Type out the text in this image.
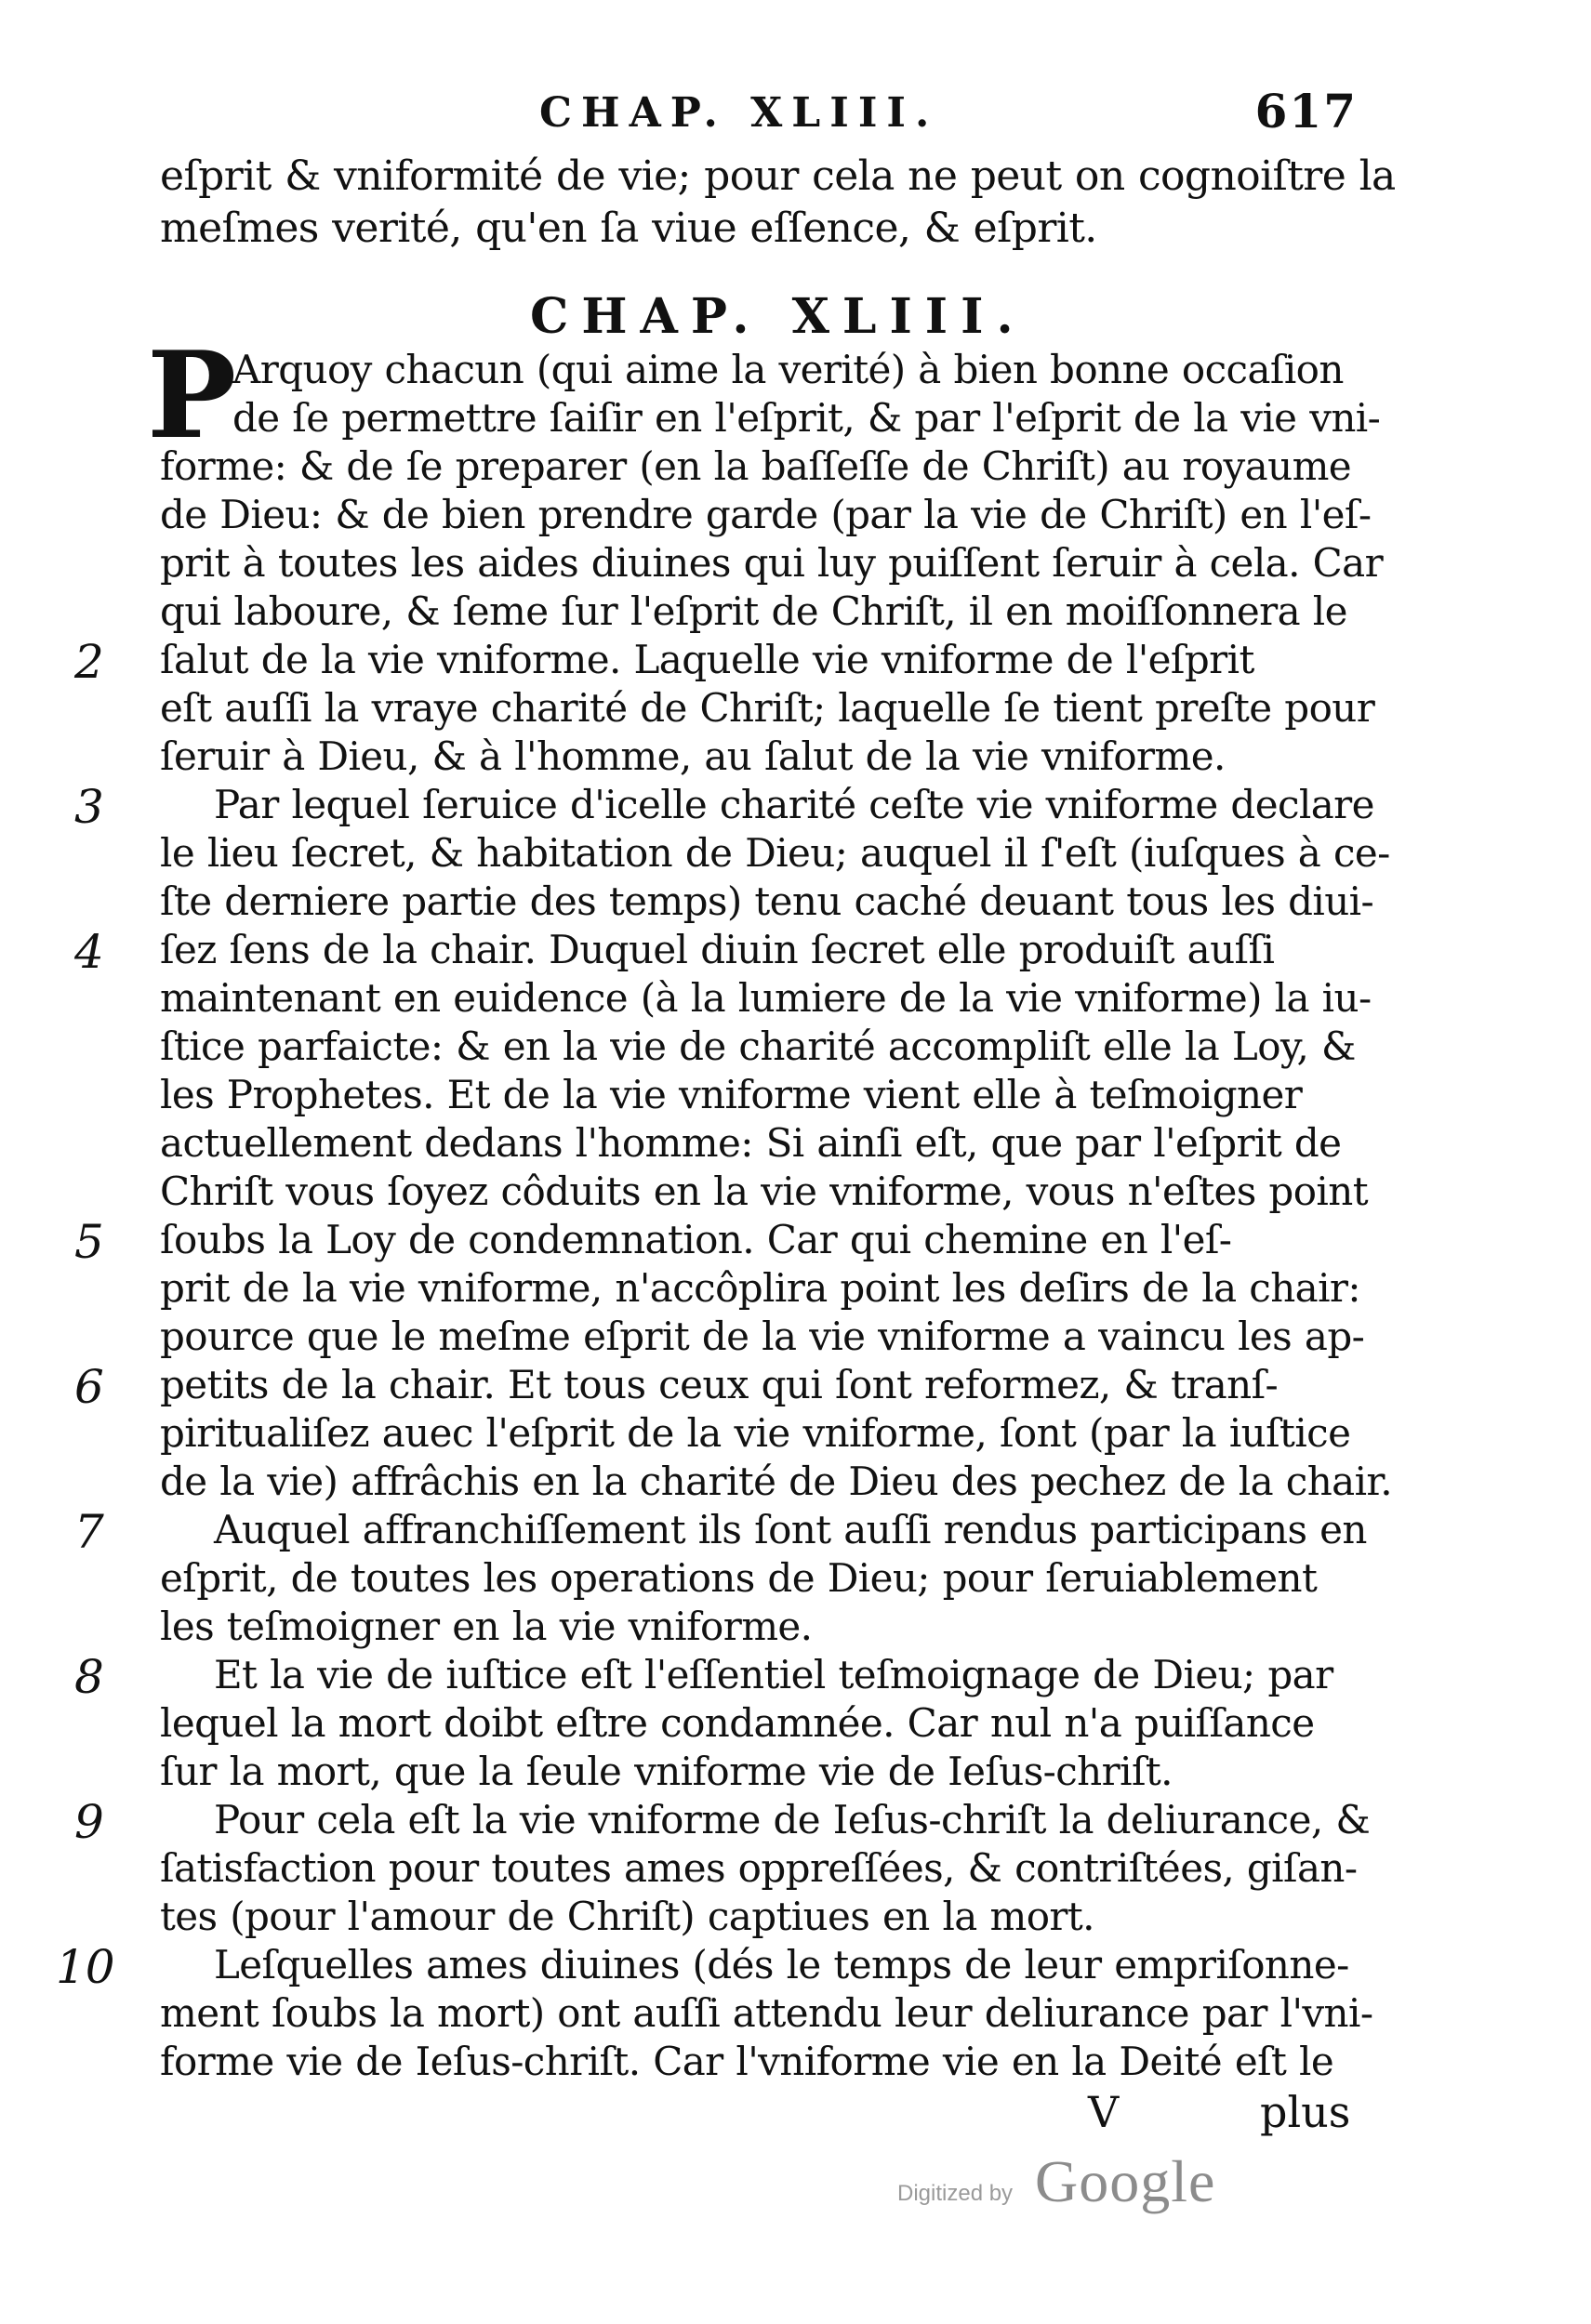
CHAP. XLIII.	617
eſprit & vniformité de vie; pour cela ne peut on cognoiſtre la
meſmes verité, qu'en ſa viue eſſence, & eſprit.
CHAP. XLIII.
P
Arquoy chacun (qui aime la verité) à bien bonne occaſion
de ſe permettre ſaiſir en l'eſprit, & par l'eſprit de la vie vni-
forme: & de ſe preparer (en la baſſeſſe de Chriſt) au royaume
de Dieu: & de bien prendre garde (par la vie de Chriſt) en l'eſ-
prit à toutes les aides diuines qui luy puiſſent ſeruir à cela. Car
qui laboure, & ſeme ſur l'eſprit de Chriſt, il en moiſſonnera le
2	ſalut de la vie vniforme. Laquelle vie vniforme de l'eſprit
eſt auſſi la vraye charité de Chriſt; laquelle ſe tient preſte pour
ſeruir à Dieu, & à l'homme, au ſalut de la vie vniforme.
3	Par lequel ſeruice d'icelle charité ceſte vie vniforme declare
le lieu ſecret, & habitation de Dieu; auquel il ſ'eſt (iuſques à ce-
ſte derniere partie des temps) tenu caché deuant tous les diui-
4	ſez ſens de la chair. Duquel diuin ſecret elle produiſt auſſi
maintenant en euidence (à la lumiere de la vie vniforme) la iu-
ſtice parfaicte: & en la vie de charité accompliſt elle la Loy, &
les Prophetes. Et de la vie vniforme vient elle à teſmoigner
actuellement dedans l'homme: Si ainſi eſt, que par l'eſprit de
Chriſt vous ſoyez côduits en la vie vniforme, vous n'eſtes point
5	ſoubs la Loy de condemnation. Car qui chemine en l'eſ-
prit de la vie vniforme, n'accôplira point les deſirs de la chair:
pource que le meſme eſprit de la vie vniforme a vaincu les ap-
6	petits de la chair. Et tous ceux qui ſont reformez, & tranſ-
piritualiſez auec l'eſprit de la vie vniforme, ſont (par la iuſtice
de la vie) affrâchis en la charité de Dieu des pechez de la chair.
7	Auquel affranchiſſement ils ſont auſſi rendus participans en
eſprit, de toutes les operations de Dieu; pour ſeruiablement
les teſmoigner en la vie vniforme.
8	Et la vie de iuſtice eſt l'eſſentiel teſmoignage de Dieu; par
lequel la mort doibt eſtre condamnée. Car nul n'a puiſſance
ſur la mort, que la ſeule vniforme vie de Ieſus-chriſt.
9	Pour cela eſt la vie vniforme de Ieſus-chriſt la deliurance, &
ſatisfaction pour toutes ames oppreſſées, & contriſtées, giſan-
tes (pour l'amour de Chriſt) captiues en la mort.
10	Leſquelles ames diuines (dés le temps de leur empriſonne-
V	plus
Digitized by Google
ment ſoubs la mort) ont auſſi attendu leur deliurance par l'vni-
forme vie de Ieſus-chriſt. Car l'vniforme vie en la Deité eſt le
